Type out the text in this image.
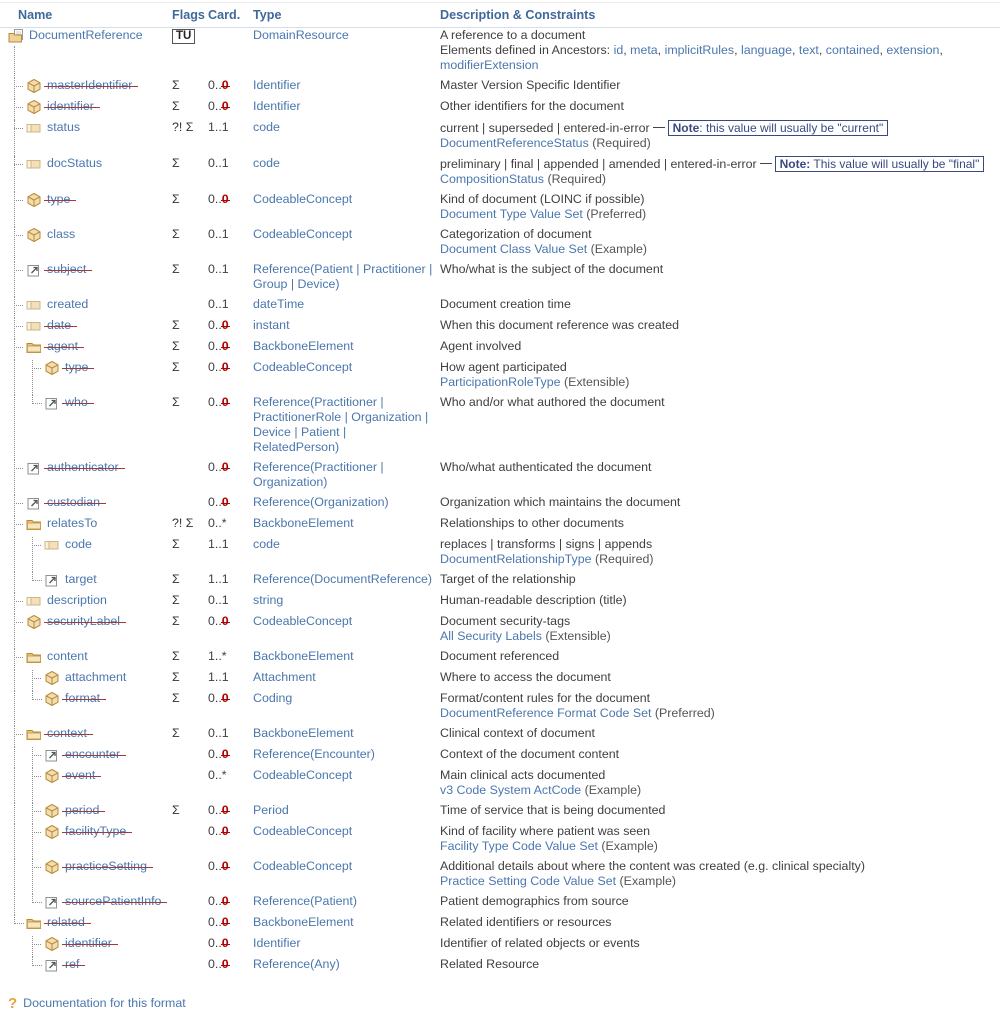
Name	Flags	Card.	Type	Description & Constraints

DocumentReference	TU		DomainResource	A reference to a document
Elements defined in Ancestors: id, meta, implicitRules, language, text, contained, extension, modifierExtension

masterIdentifier	Σ	0..0	Identifier	Master Version Specific Identifier

identifier	Σ	0..0	Identifier	Other identifiers for the document

status	?! Σ	1..1	code	current | superseded | entered-in-error Note: this value will usually be "current"
DocumentReferenceStatus (Required)

docStatus	Σ	0..1	code	preliminary | final | appended | amended | entered-in-error Note: This value will usually be "final"
CompositionStatus (Required)

type	Σ	0..0	CodeableConcept	Kind of document (LOINC if possible)
Document Type Value Set (Preferred)

class	Σ	0..1	CodeableConcept	Categorization of document
Document Class Value Set (Example)

subject	Σ	0..1	Reference(Patient | Practitioner | Group | Device)	Who/what is the subject of the document

created		0..1	dateTime	Document creation time

date	Σ	0..0	instant	When this document reference was created

agent	Σ	0..0	BackboneElement	Agent involved

type	Σ	0..0	CodeableConcept	How agent participated
ParticipationRoleType (Extensible)

who	Σ	0..0	Reference(Practitioner | PractitionerRole | Organization | Device | Patient | RelatedPerson)	Who and/or what authored the document

authenticator		0..0	Reference(Practitioner | Organization)	Who/what authenticated the document

custodian		0..0	Reference(Organization)	Organization which maintains the document

relatesTo	?! Σ	0..*	BackboneElement	Relationships to other documents

code	Σ	1..1	code	replaces | transforms | signs | appends
DocumentRelationshipType (Required)

target	Σ	1..1	Reference(DocumentReference)	Target of the relationship

description	Σ	0..1	string	Human-readable description (title)

securityLabel	Σ	0..0	CodeableConcept	Document security-tags
All Security Labels (Extensible)

content	Σ	1..*	BackboneElement	Document referenced

attachment	Σ	1..1	Attachment	Where to access the document

format	Σ	0..0	Coding	Format/content rules for the document
DocumentReference Format Code Set (Preferred)

context	Σ	0..1	BackboneElement	Clinical context of document

encounter		0..0	Reference(Encounter)	Context of the document content

event		0..*	CodeableConcept	Main clinical acts documented
v3 Code System ActCode (Example)

period	Σ	0..0	Period	Time of service that is being documented

facilityType		0..0	CodeableConcept	Kind of facility where patient was seen
Facility Type Code Value Set (Example)

practiceSetting		0..0	CodeableConcept	Additional details about where the content was created (e.g. clinical specialty)
Practice Setting Code Value Set (Example)

sourcePatientInfo		0..0	Reference(Patient)	Patient demographics from source

related		0..0	BackboneElement	Related identifiers or resources

identifier		0..0	Identifier	Identifier of related objects or events

ref		0..0	Reference(Any)	Related Resource
? Documentation for this format
